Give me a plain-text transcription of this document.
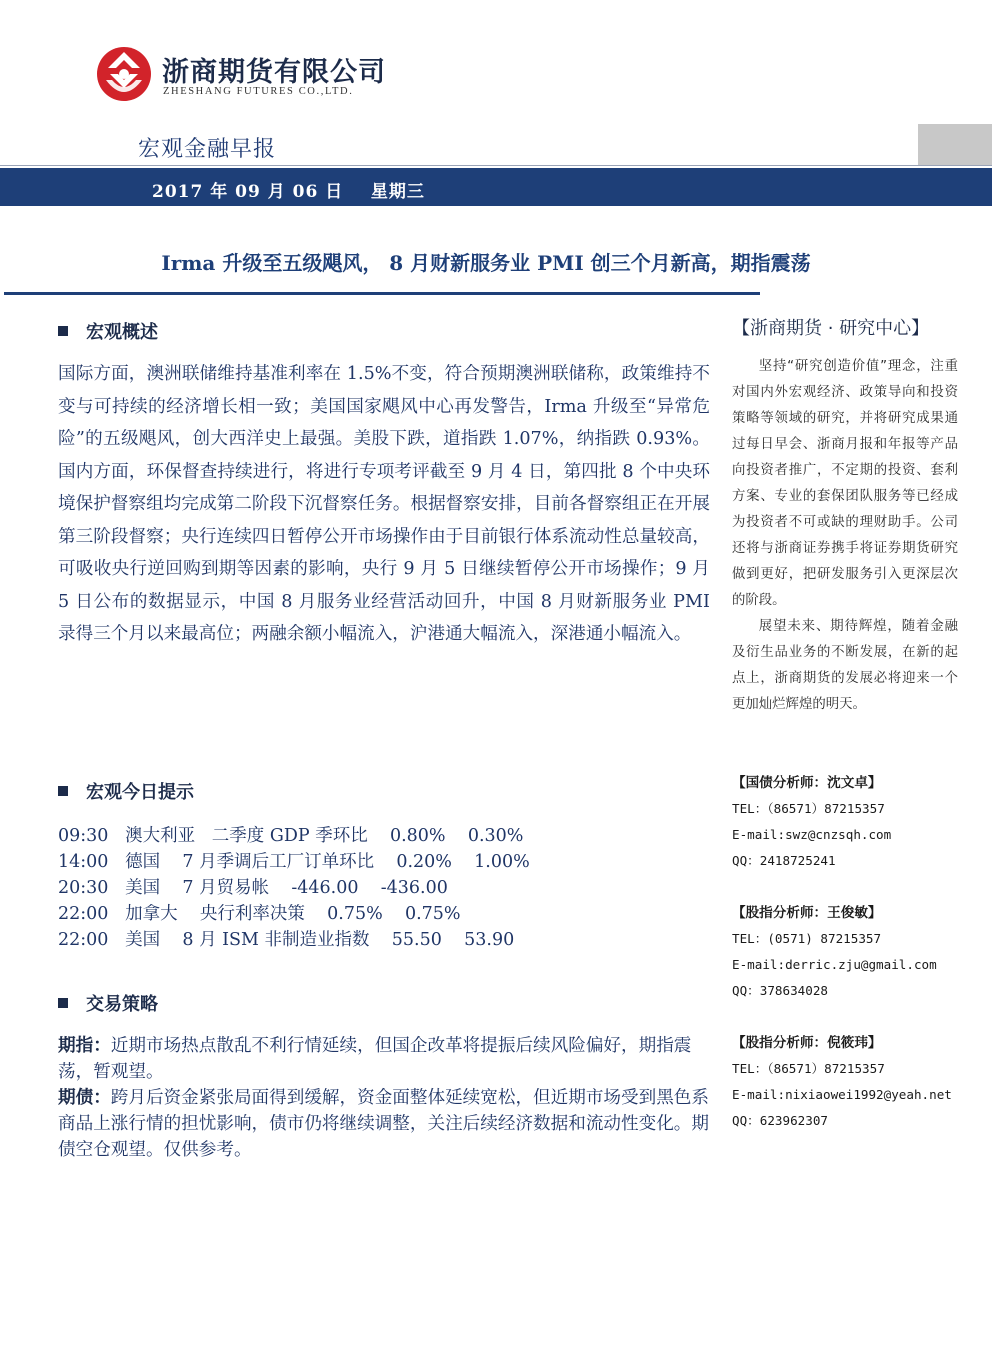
浙商期货有限公司
ZHESHANG FUTURES CO.,LTD.
宏观金融早报
2017 年 09 月 06 日    星期三
Irma 升级至五级飓风， 8 月财新服务业 PMI 创三个月新高，期指震荡
宏观概述
国际方面，澳洲联储维持基准利率在 1.5%不变，符合预期澳洲联储称，政策维持不变与可持续的经济增长相一致；美国国家飓风中心再发警告，Irma 升级至“异常危险”的五级飓风，创大西洋史上最强。美股下跌，道指跌 1.07%，纳指跌 0.93%。国内方面，环保督查持续进行，将进行专项考评截至 9 月 4 日，第四批 8 个中央环境保护督察组均完成第二阶段下沉督察任务。根据督察安排，目前各督察组正在开展第三阶段督察；央行连续四日暂停公开市场操作由于目前银行体系流动性总量较高，可吸收央行逆回购到期等因素的影响，央行 9 月 5 日继续暂停公开市场操作；9 月 5 日公布的数据显示，中国 8 月服务业经营活动回升，中国 8 月财新服务业 PMI 录得三个月以来最高位；两融余额小幅流入，沪港通大幅流入，深港通小幅流入。
宏观今日提示
09:30   澳大利亚   二季度 GDP 季环比    0.80%    0.30%
14:00   德国    7 月季调后工厂订单环比    0.20%    1.00%
20:30   美国    7 月贸易帐    -446.00    -436.00
22:00   加拿大    央行利率决策    0.75%    0.75%
22:00   美国    8 月 ISM 非制造业指数    55.50    53.90
交易策略
期指：近期市场热点散乱不利行情延续，但国企改革将提振后续风险偏好，期指震荡，暂观望。
期债：跨月后资金紧张局面得到缓解，资金面整体延续宽松，但近期市场受到黑色系商品上涨行情的担忧影响，债市仍将继续调整，关注后续经济数据和流动性变化。期债空仓观望。仅供参考。
【浙商期货 · 研究中心】
坚持“研究创造价值”理念，注重对国内外宏观经济、政策导向和投资策略等领域的研究，并将研究成果通过每日早会、浙商月报和年报等产品向投资者推广，不定期的投资、套利方案、专业的套保团队服务等已经成为投资者不可或缺的理财助手。公司还将与浙商证券携手将证券期货研究做到更好，把研发服务引入更深层次的阶段。
展望未来、期待辉煌，随着金融及衍生品业务的不断发展，在新的起点上，浙商期货的发展必将迎来一个更加灿烂辉煌的明天。
【国债分析师：沈文卓】
TEL：（86571）87215357
E-mail:swz@cnzsqh.com
QQ：2418725241
【股指分析师：王俊敏】
TEL：(0571) 87215357
E-mail:derric.zju@gmail.com
QQ：378634028
【股指分析师：倪筱玮】
TEL：（86571）87215357
E-mail:nixiaowei1992@yeah.net
QQ：623962307
